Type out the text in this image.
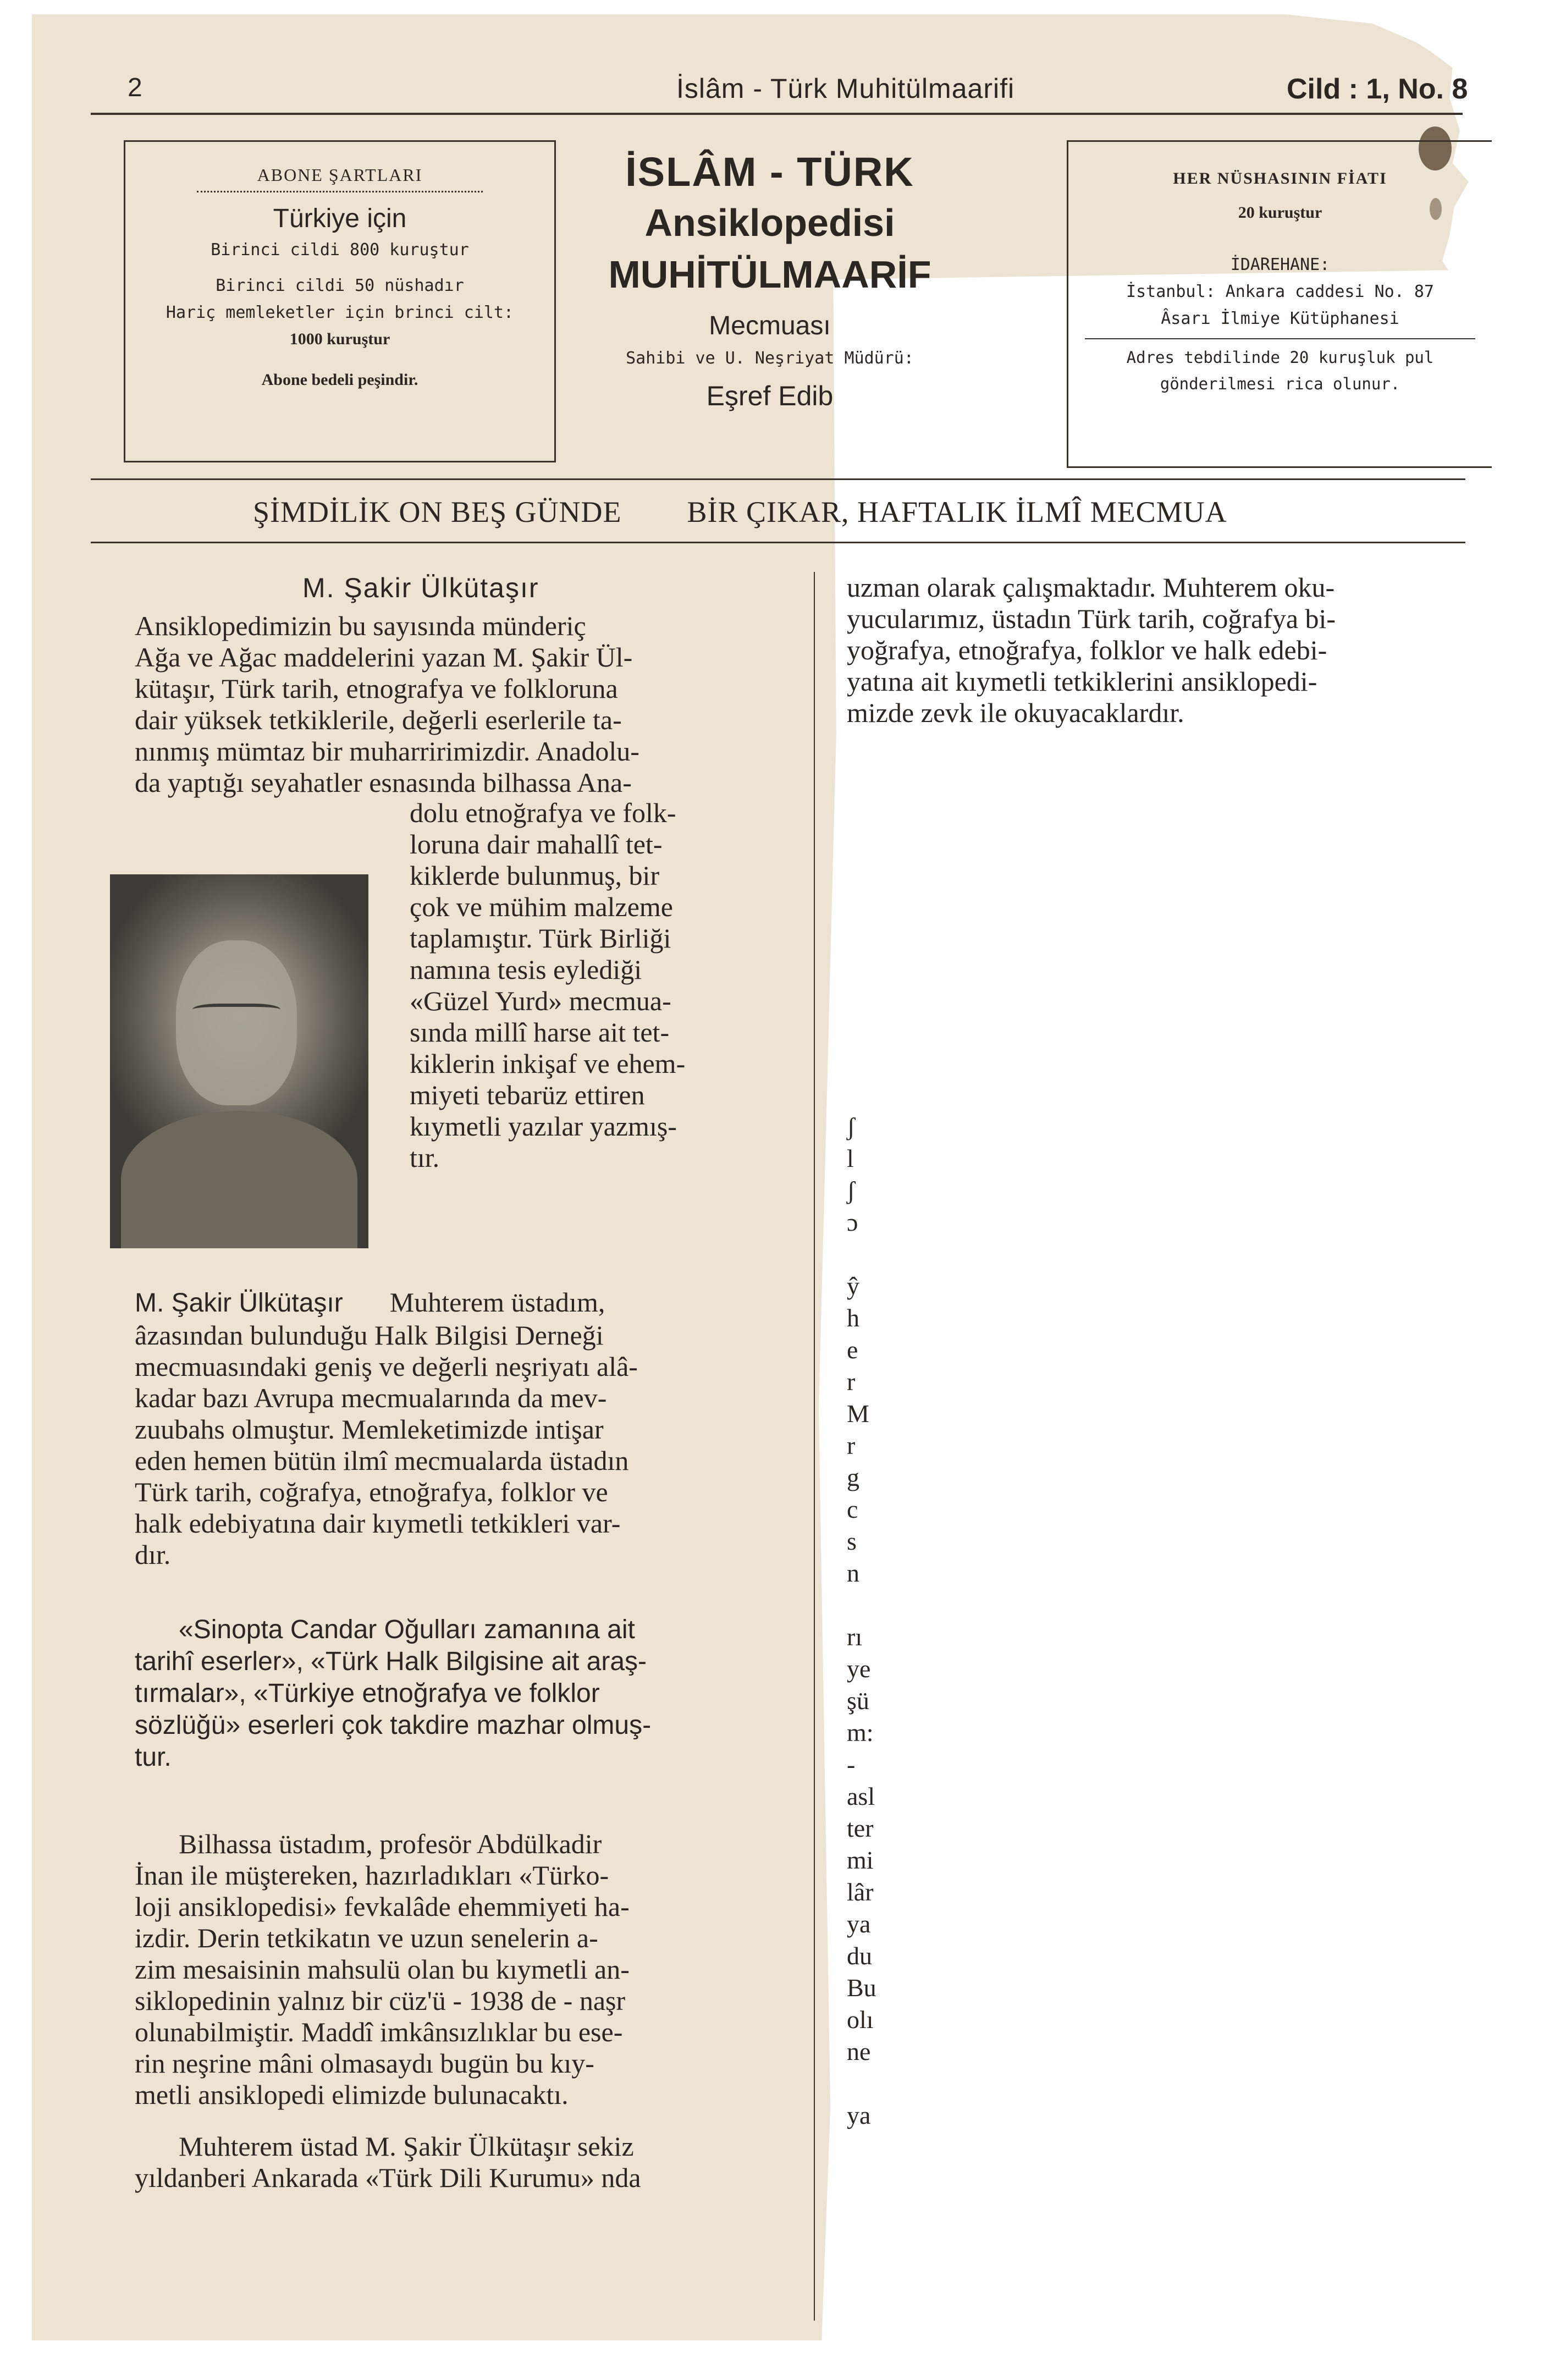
2	İslâm - Türk Muhitülmaarifi	Cild : 1, No. 8
ABONE ŞARTLARI
Türkiye için
Birinci cildi 800 kuruştur
Birinci cildi 50 nüshadır
Hariç memleketler için brinci cilt:
1000 kuruştur
Abone bedeli peşindir.
İSLÂM - TÜRK
Ansiklopedisi
MUHİTÜLMAARİF
Mecmuası
Sahibi ve U. Neşriyat Müdürü:
Eşref Edib
HER NÜSHASININ FİATI
20 kuruştur
İDAREHANE:
İstanbul: Ankara caddesi No. 87
Âsarı İlmiye Kütüphanesi
Adres tebdilinde 20 kuruşluk pul
gönderilmesi rica olunur.
ŞİMDİLİK ON BEŞ GÜNDE BİR ÇIKAR, HAFTALIK İLMÎ MECMUA
M. Şakir Ülkütaşır

Ansiklopedimizin bu sayısında münderiç

Ağa ve Ağac maddelerini yazan M. Şakir Ül-

kütaşır, Türk tarih, etnografya ve folkloruna

dair yüksek tetkiklerile, değerli eserlerile ta-

nınmış mümtaz bir muharririmizdir. Anadolu-

da yaptığı seyahatler esnasında bilhassa Ana-

dolu etnoğrafya ve folk-

loruna dair mahallî tet-

kiklerde bulunmuş, bir

çok ve mühim malzeme

taplamıştır. Türk Birliği

namına tesis eylediği

«Güzel Yurd» mecmua-

sında millî harse ait tet-

kiklerin inkişaf ve ehem-

miyeti tebarüz ettiren

kıymetli yazılar yazmış-

tır.

M. Şakir Ülkütaşır Muhterem üstadım,

âzasından bulunduğu Halk Bilgisi Derneği

mecmuasındaki geniş ve değerli neşriyatı alâ-

kadar bazı Avrupa mecmualarında da mev-

zuubahs olmuştur. Memleketimizde intişar

eden hemen bütün ilmî mecmualarda üstadın

Türk tarih, coğrafya, etnoğrafya, folklor ve

halk edebiyatına dair kıymetli tetkikleri var-

dır.

«Sinopta Candar Oğulları zamanına ait

tarihî eserler», «Türk Halk Bilgisine ait araş-

tırmalar», «Türkiye etnoğrafya ve folklor

sözlüğü» eserleri çok takdire mazhar olmuş-

tur.

Bilhassa üstadım, profesör Abdülkadir

İnan ile müştereken, hazırladıkları «Türko-

loji ansiklopedisi» fevkalâde ehemmiyeti ha-

izdir. Derin tetkikatın ve uzun senelerin a-

zim mesaisinin mahsulü olan bu kıymetli an-

siklopedinin yalnız bir cüz'ü - 1938 de - naşr

olunabilmiştir. Maddî imkânsızlıklar bu ese-

rin neşrine mâni olmasaydı bugün bu kıy-

metli ansiklopedi elimizde bulunacaktı.

Muhterem üstad M. Şakir Ülkütaşır sekiz

yıldanberi Ankarada «Türk Dili Kurumu» nda

uzman olarak çalışmaktadır. Muhterem oku-

yucularımız, üstadın Türk tarih, coğrafya bi-

yoğrafya, etnoğrafya, folklor ve halk edebi-

yatına ait kıymetli tetkiklerini ansiklopedi-

mizde zevk ile okuyacaklardır.

ʃ
l
ʃ
ɔ
ŷ
h
e
r
M
r
g
c
s
n
rı
ye
şü
m:
-
asl
ter
mi
lâr
ya
du
Bu
olı
ne
ya
